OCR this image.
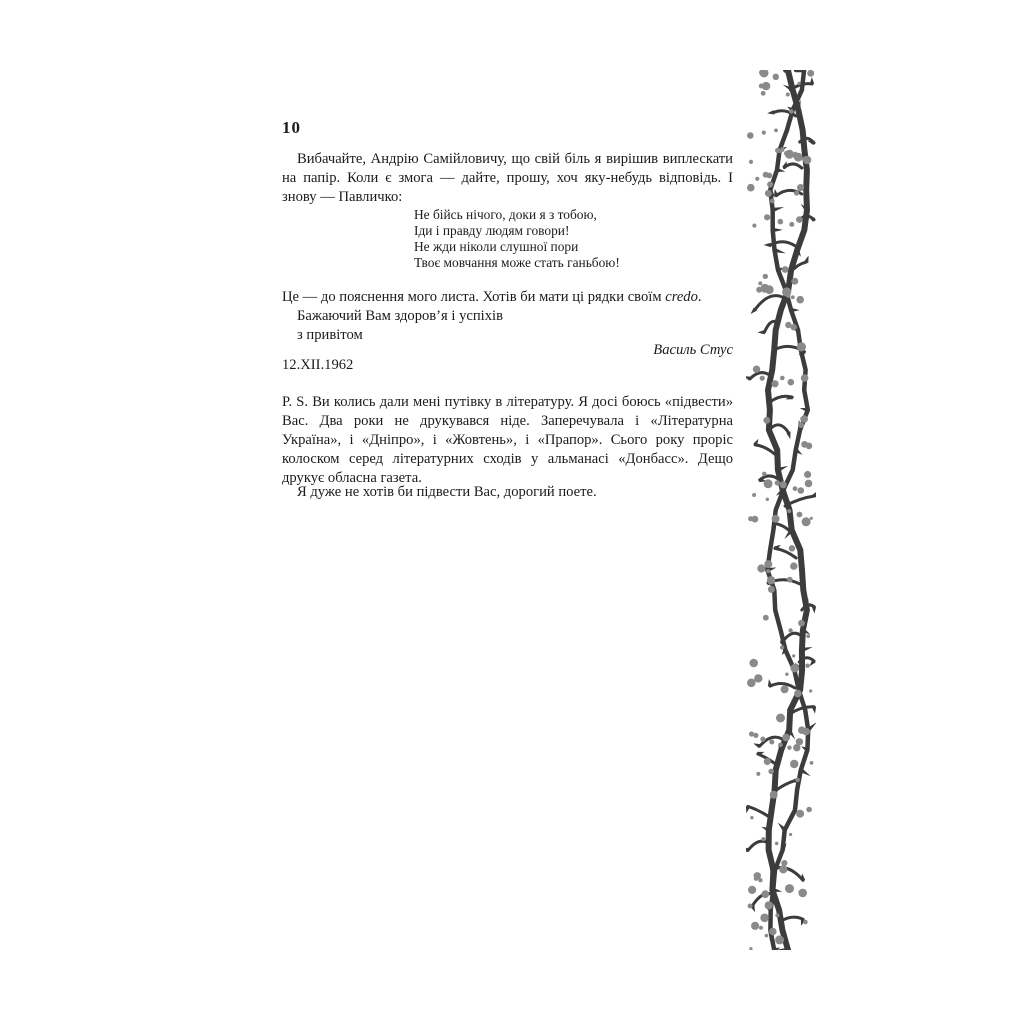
10

Вибачайте, Андрію Самійловичу, що свій біль я вирішив виплескати на папір. Коли є змога — дайте, прошу, хоч яку-небудь відповідь. І знову — Павличко:

Не бійсь нічого, доки я з тобою,
Іди і правду людям говори!
Не жди ніколи слушної пори
Твоє мовчання може стать ганьбою!

Це — до пояснення мого листа. Хотів би мати ці рядки своїм credo.

Бажаючий Вам здоров’я і успіхів
з привітом
Василь Стус
12.XII.1962

P. S. Ви колись дали мені путівку в літературу. Я досі боюсь «підвести» Вас. Два роки не друкувався ніде. Заперечувала і «Літературна Україна», і «Дніпро», і «Жовтень», і «Прапор». Сього року проріс колоском серед літературних сходів у альманасі «Донбасс». Дещо друкує обласна газета.

Я дуже не хотів би підвести Вас, дорогий поете.
